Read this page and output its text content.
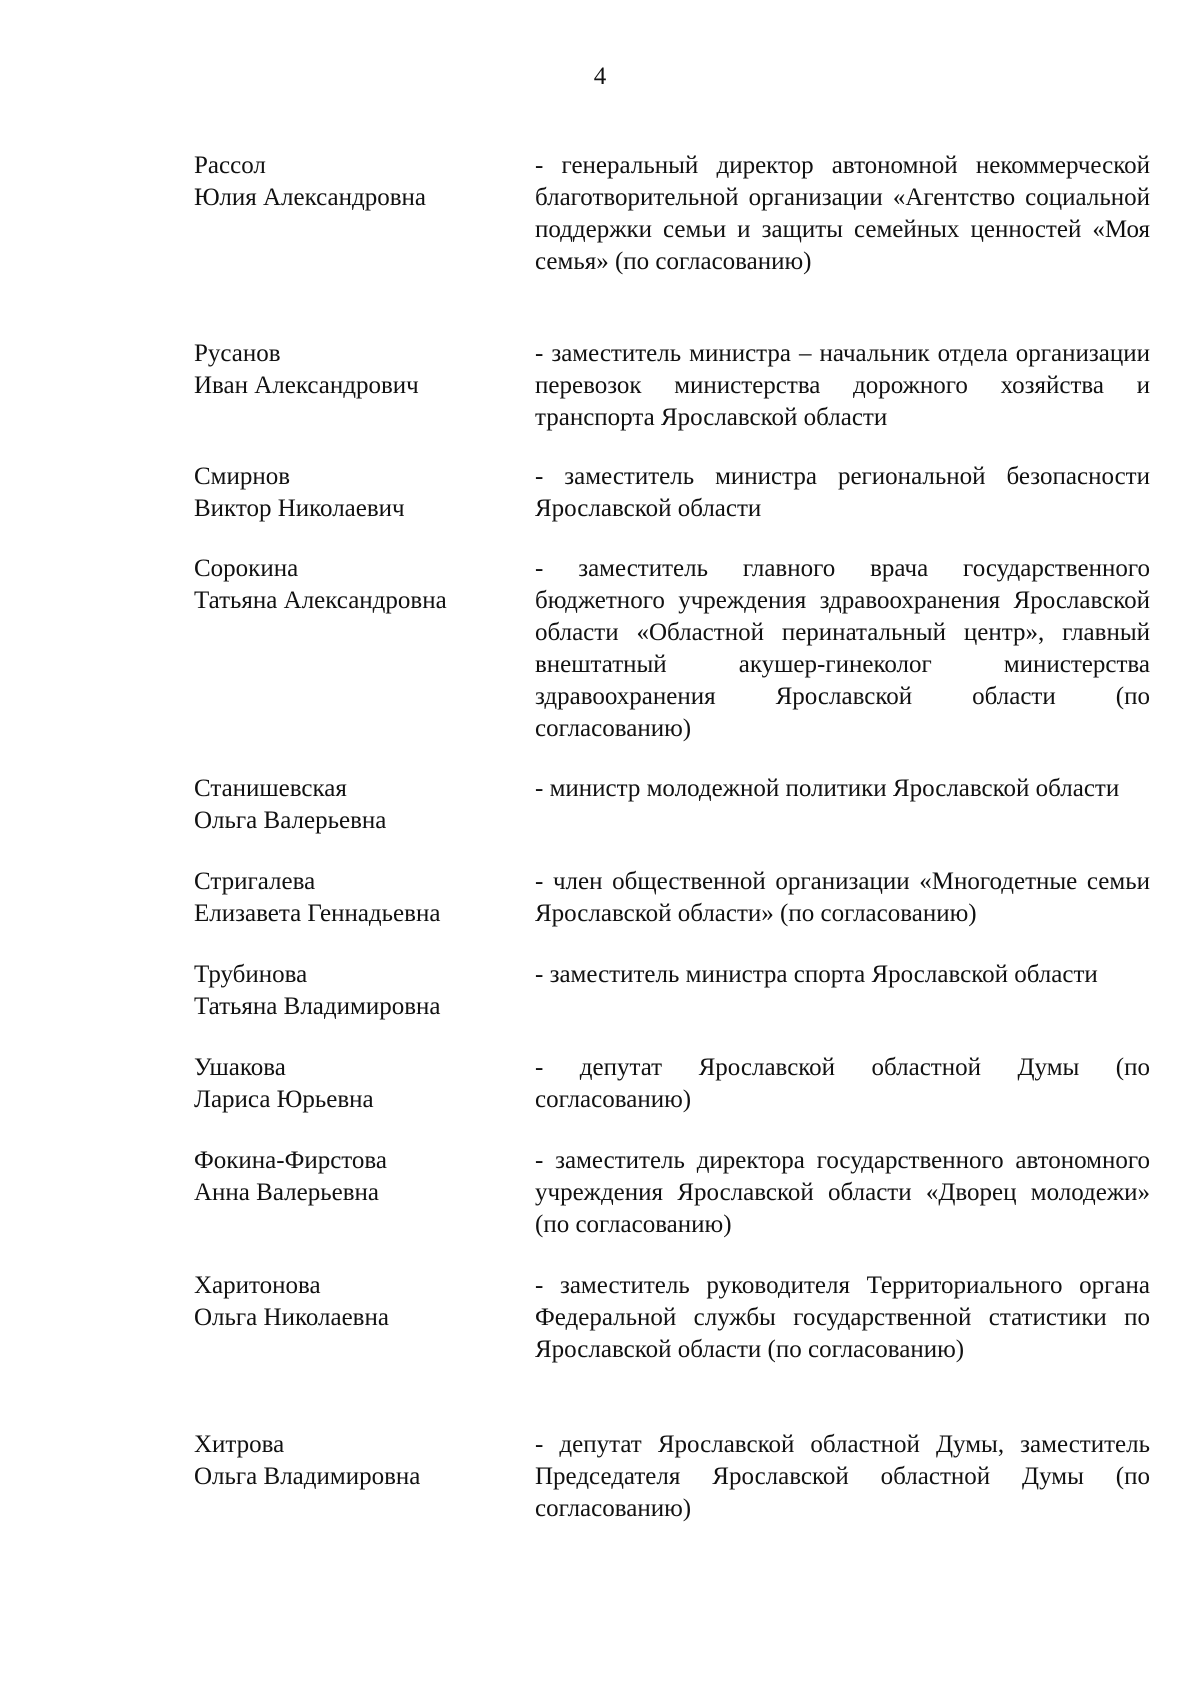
4
Рассол
Юлия Александровна
- генеральный директор автономной некоммерческой благотворительной организации «Агентство социальной поддержки семьи и защиты семейных ценностей «Моя семья» (по согласованию)
Русанов
Иван Александрович
- заместитель министра – начальник отдела организации перевозок министерства дорожного хозяйства и транспорта Ярославской области
Смирнов
Виктор Николаевич
- заместитель министра региональной безопасности Ярославской области
Сорокина
Татьяна Александровна
- заместитель главного врача государственного бюджетного учреждения здравоохранения Ярославской области «Областной перинатальный центр», главный внештатный акушер-гинеколог министерства здравоохранения Ярославской области (по согласованию)
Станишевская
Ольга Валерьевна
- министр молодежной политики Ярославской области
Стригалева
Елизавета Геннадьевна
- член общественной организации «Многодетные семьи Ярославской области» (по согласованию)
Трубинова
Татьяна Владимировна
- заместитель министра спорта Ярославской области
Ушакова
Лариса Юрьевна
- депутат Ярославской областной Думы (по согласованию)
Фокина-Фирстова
Анна Валерьевна
- заместитель директора государственного автономного учреждения Ярославской области «Дворец молодежи» (по согласованию)
Харитонова
Ольга Николаевна
- заместитель руководителя Территориального органа Федеральной службы государственной статистики по Ярославской области (по согласованию)
Хитрова
Ольга Владимировна
- депутат Ярославской областной Думы, заместитель Председателя Ярославской областной Думы (по согласованию)
